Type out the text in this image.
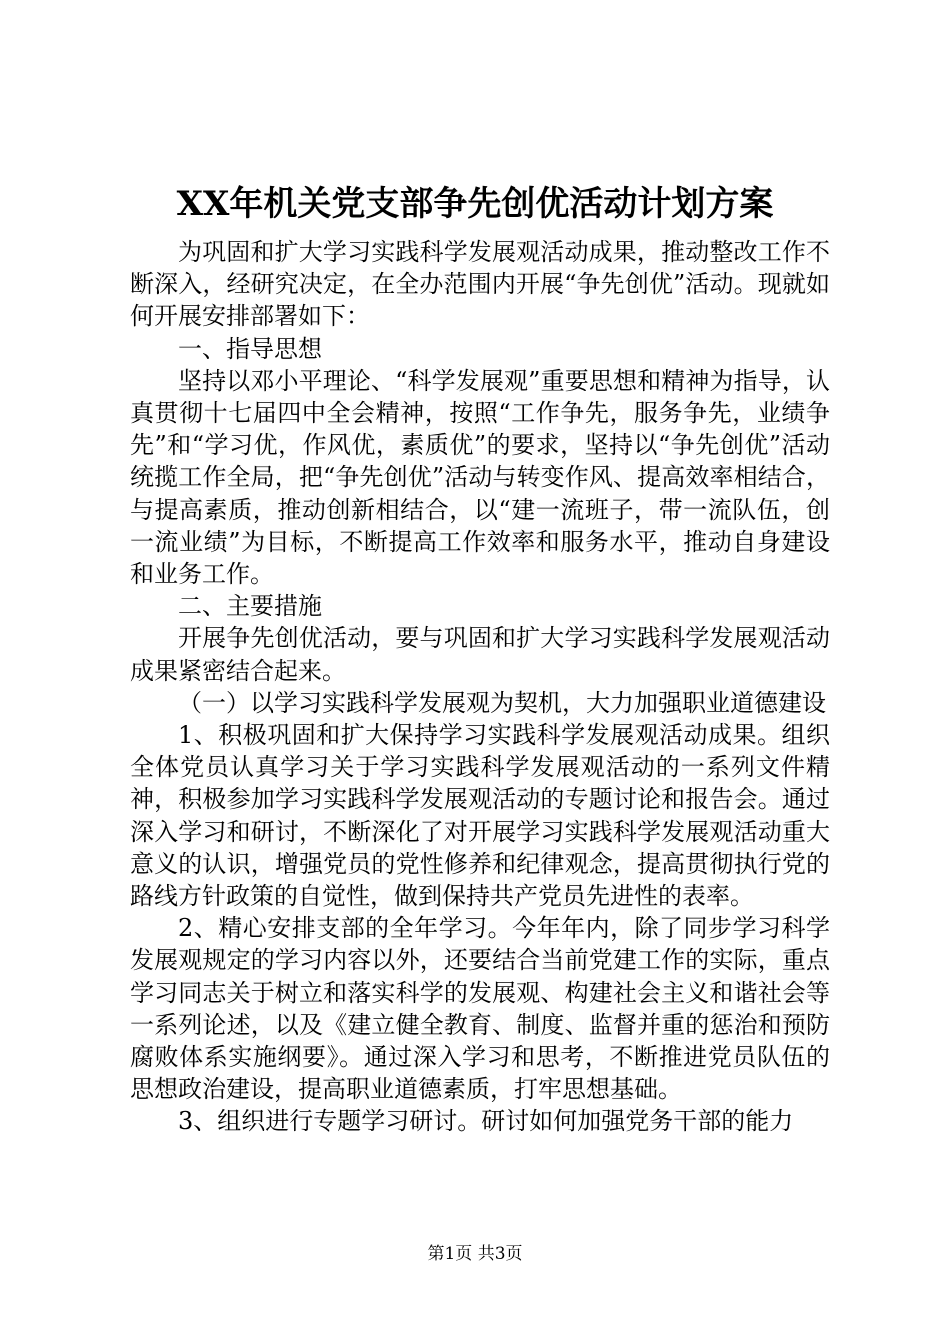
XX年机关党支部争先创优活动计划方案

为巩固和扩大学习实践科学发展观活动成果，推动整改工作不断深入，经研究决定，在全办范围内开展“争先创优”活动。现就如何开展安排部署如下：

一、指导思想

坚持以邓小平理论、“科学发展观”重要思想和精神为指导，认真贯彻十七届四中全会精神，按照“工作争先，服务争先，业绩争先”和“学习优，作风优，素质优”的要求，坚持以“争先创优”活动统揽工作全局，把“争先创优”活动与转变作风、提高效率相结合，与提高素质，推动创新相结合，以“建一流班子，带一流队伍，创一流业绩”为目标，不断提高工作效率和服务水平，推动自身建设和业务工作。

二、主要措施

开展争先创优活动，要与巩固和扩大学习实践科学发展观活动成果紧密结合起来。

（一）以学习实践科学发展观为契机，大力加强职业道德建设

1、积极巩固和扩大保持学习实践科学发展观活动成果。组织全体党员认真学习关于学习实践科学发展观活动的一系列文件精神，积极参加学习实践科学发展观活动的专题讨论和报告会。通过深入学习和研讨，不断深化了对开展学习实践科学发展观活动重大意义的认识，增强党员的党性修养和纪律观念，提高贯彻执行党的路线方针政策的自觉性，做到保持共产党员先进性的表率。

2、精心安排支部的全年学习。今年年内，除了同步学习科学发展观规定的学习内容以外，还要结合当前党建工作的实际，重点学习同志关于树立和落实科学的发展观、构建社会主义和谐社会等一系列论述，以及《建立健全教育、制度、监督并重的惩治和预防腐败体系实施纲要》。通过深入学习和思考，不断推进党员队伍的思想政治建设，提高职业道德素质，打牢思想基础。

3、组织进行专题学习研讨。研讨如何加强党务干部的能力

第1页 共3页
